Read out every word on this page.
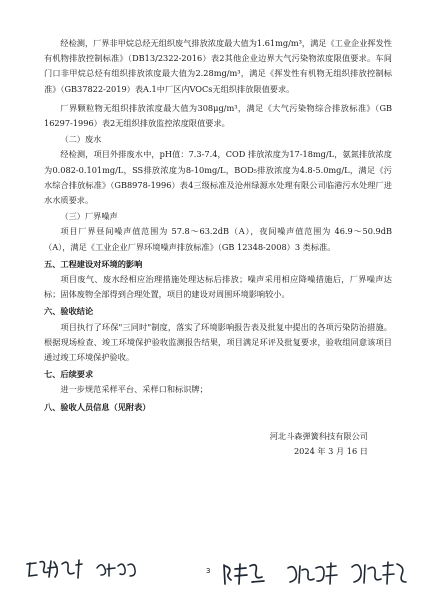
经检测，厂界非甲烷总烃无组织废气排放浓度最大值为1.61mg/m³，满足《工业企业挥发性有机物排放控制标准》（DB13/2322-2016）表2其他企业边界大气污染物浓度限值要求。车间门口非甲烷总烃有组织排放浓度最大值为2.28mg/m³，满足《挥发性有机物无组织排放控制标准》（GB37822-2019）表A.1中厂区内VOCs无组织排放限值要求。

厂界颗粒物无组织排放浓度最大值为308μg/m³，满足《大气污染物综合排放标准》（GB 16297-1996）表2无组织排放监控浓度限值要求。

（二）废水

经检测，项目外排废水中，pH值：7.3-7.4，COD 排放浓度为17-18mg/L，氨氮排放浓度为0.082-0.101mg/L，SS排放浓度为8-10mg/L，BOD₅排放浓度为4.8-5.0mg/L，满足《污水综合排放标准》（GB8978-1996）表4三级标准及沧州绿源水处理有限公司临港污水处理厂进水水质要求。

（三）厂界噪声

项目厂界昼间噪声值范围为 57.8～63.2dB（A），夜间噪声值范围为 46.9～50.9dB（A），满足《工业企业厂界环境噪声排放标准》（GB 12348-2008）3 类标准。

五、工程建设对环境的影响

项目废气、废水经相应治理措施处理达标后排放；噪声采用相应降噪措施后，厂界噪声达标；固体废物全部得到合理处置，项目的建设对周围环境影响较小。

六、验收结论

项目执行了环保"三同时"制度，落实了环境影响报告表及批复中提出的各项污染防治措施。根据现场检查、竣工环境保护验收监测报告结果，项目满足环评及批复要求，验收组同意该项目通过竣工环境保护验收。

七、后续要求

进一步规范采样平台、采样口和标识牌；

八、验收人员信息（见附表）

河北斗森弹簧科技有限公司
2024 年 3 月 16 日
3
